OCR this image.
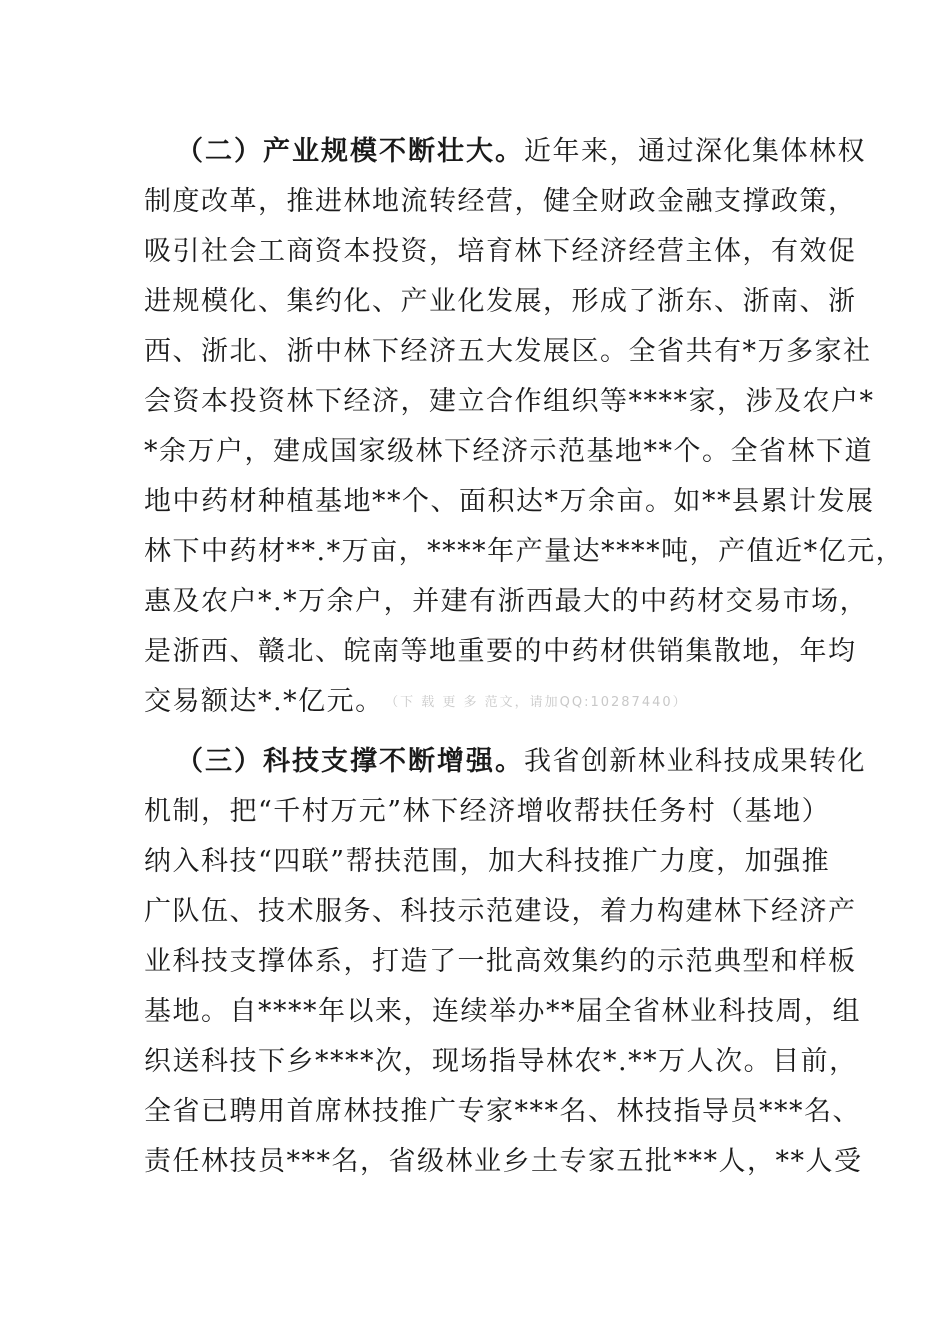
（二）产业规模不断壮大。近年来，通过深化集体林权
制度改革，推进林地流转经营，健全财政金融支撑政策，
吸引社会工商资本投资，培育林下经济经营主体，有效促
进规模化、集约化、产业化发展，形成了浙东、浙南、浙
西、浙北、浙中林下经济五大发展区。全省共有*万多家社
会资本投资林下经济，建立合作组织等****家，涉及农户*
*余万户，建成国家级林下经济示范基地**个。全省林下道
地中药材种植基地**个、面积达*万余亩。如**县累计发展
林下中药材**.*万亩，****年产量达****吨，产值近*亿元，
惠及农户*.*万余户，并建有浙西最大的中药材交易市场，
是浙西、赣北、皖南等地重要的中药材供销集散地，年均
交易额达*.*亿元。 （下 载 更 多 范文，请加QQ:10287440）
（三）科技支撑不断增强。我省创新林业科技成果转化
机制，把“千村万元”林下经济增收帮扶任务村（基地）
纳入科技“四联”帮扶范围，加大科技推广力度，加强推
广队伍、技术服务、科技示范建设，着力构建林下经济产
业科技支撑体系，打造了一批高效集约的示范典型和样板
基地。自****年以来，连续举办**届全省林业科技周，组
织送科技下乡****次，现场指导林农*.**万人次。目前，
全省已聘用首席林技推广专家***名、林技指导员***名、
责任林技员***名，省级林业乡土专家五批***人，**人受
